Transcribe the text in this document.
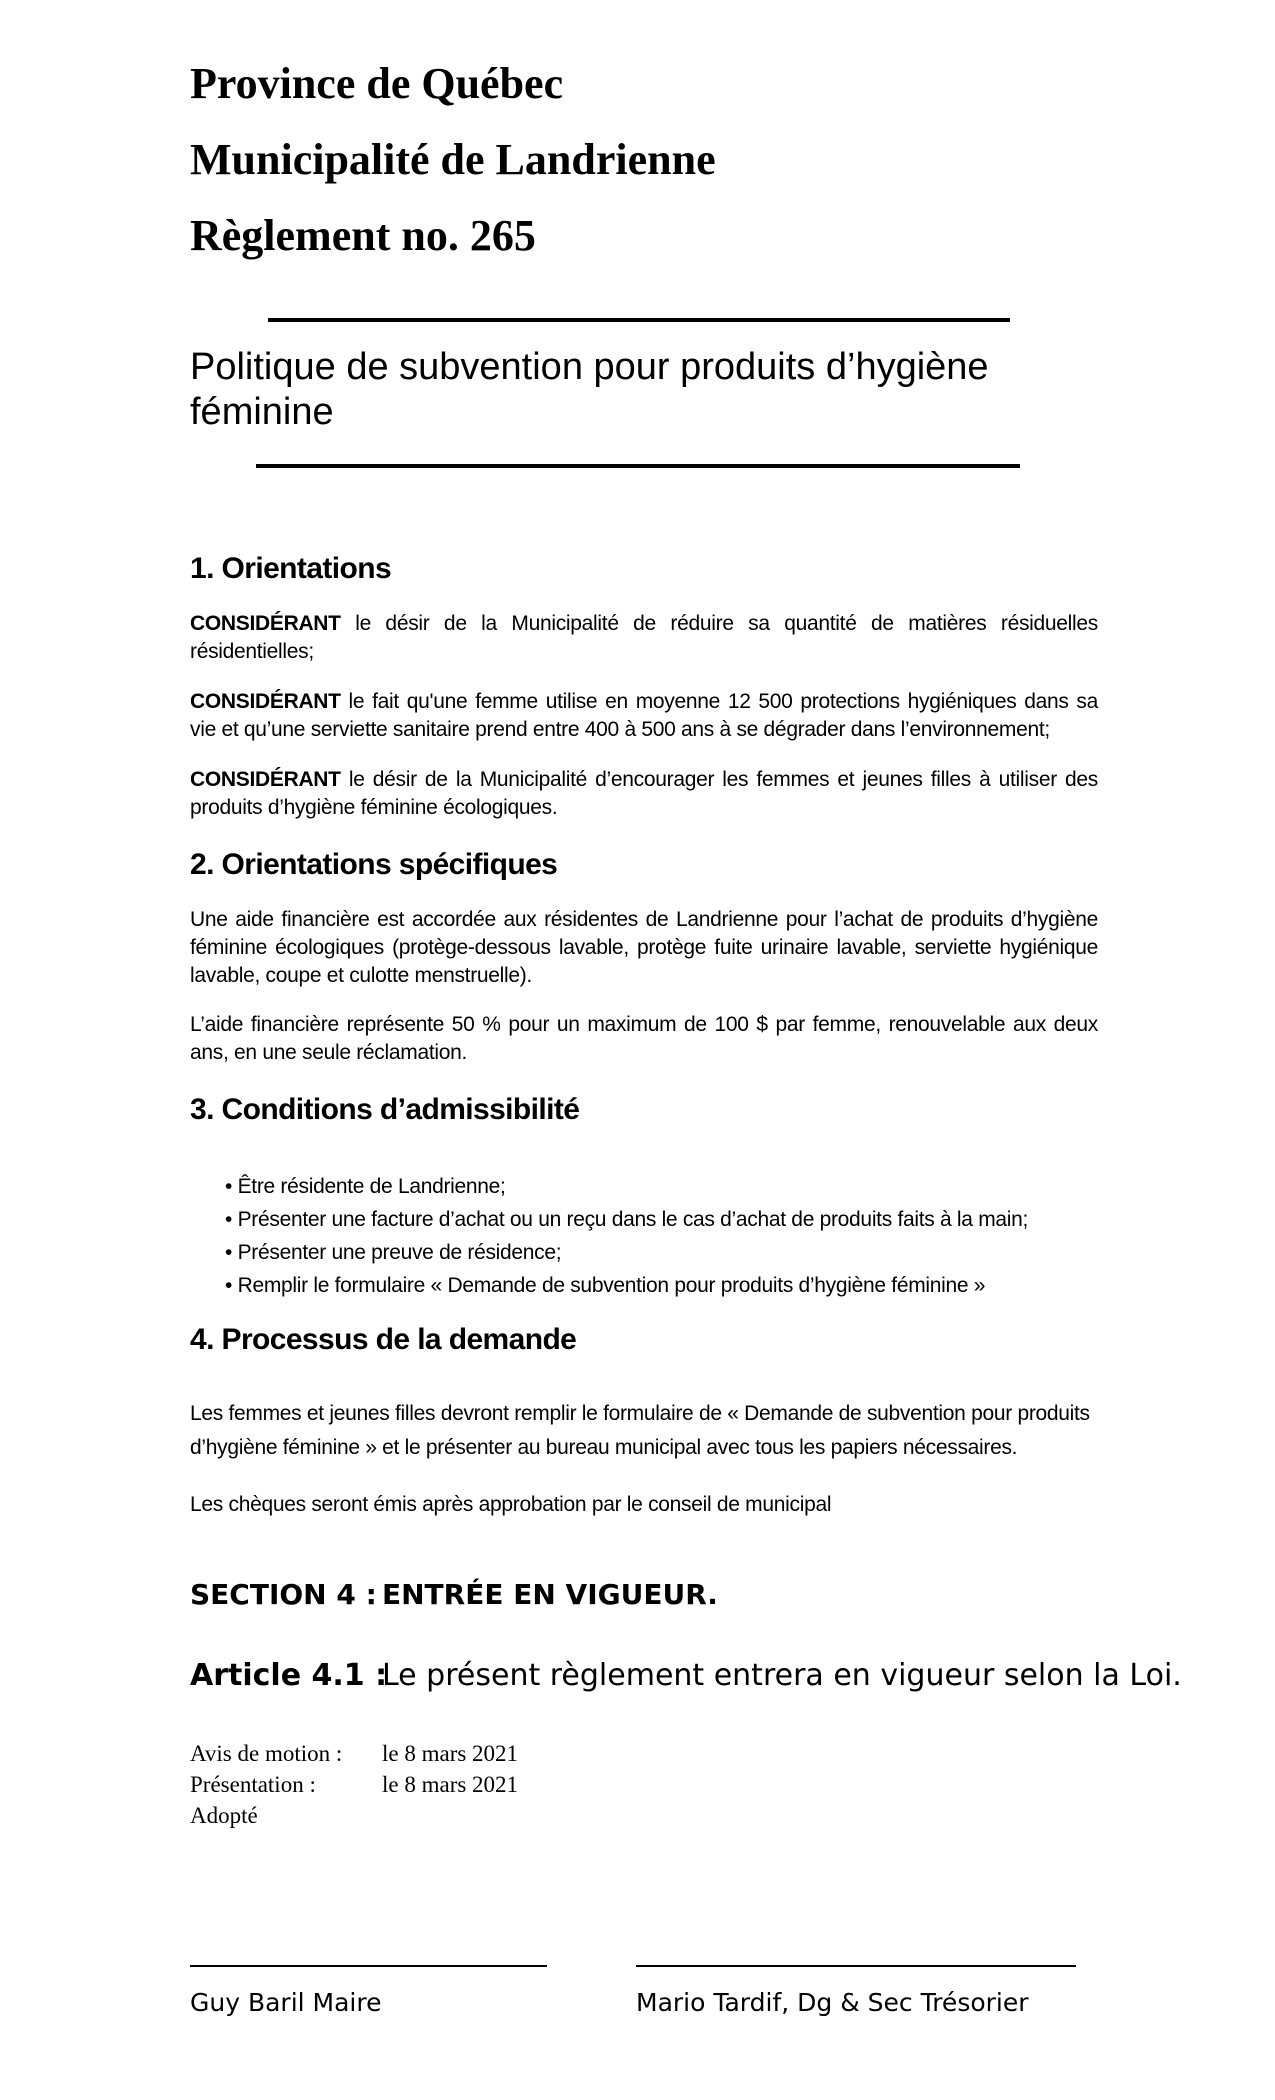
Province de Québec
Municipalité de Landrienne
Règlement no. 265

Politique de subvention pour produits d’hygiène féminine

1. Orientations

CONSIDÉRANT le désir de la Municipalité de réduire sa quantité de matières résiduelles résidentielles;

CONSIDÉRANT le fait qu'une femme utilise en moyenne 12 500 protections hygiéniques dans sa vie et qu’une serviette sanitaire prend entre 400 à 500 ans à se dégrader dans l’environnement;

CONSIDÉRANT le désir de la Municipalité d’encourager les femmes et jeunes filles à utiliser des produits d’hygiène féminine écologiques.

2. Orientations spécifiques

Une aide financière est accordée aux résidentes de Landrienne pour l’achat de produits d’hygiène féminine écologiques (protège-dessous lavable, protège fuite urinaire lavable, serviette hygiénique lavable, coupe et culotte menstruelle).

L’aide financière représente 50 % pour un maximum de 100 $ par femme, renouvelable aux deux ans, en une seule réclamation.

3. Conditions d’admissibilité
• Être résidente de Landrienne;
• Présenter une facture d’achat ou un reçu dans le cas d’achat de produits faits à la main;
• Présenter une preuve de résidence;
• Remplir le formulaire « Demande de subvention pour produits d’hygiène féminine »
4. Processus de la demande

Les femmes et jeunes filles devront remplir le formulaire de « Demande de subvention pour produits d’hygiène féminine » et le présenter au bureau municipal avec tous les papiers nécessaires.

Les chèques seront émis après approbation par le conseil de municipal

SECTION 4 : ENTRÉE EN VIGUEUR.

Article 4.1 :Le présent règlement entrera en vigueur selon la Loi.

Avis de motion : le 8 mars 2021
Présentation :	le 8 mars 2021
Adopté

Guy Baril Maire	Mario Tardif, Dg & Sec Trésorier
